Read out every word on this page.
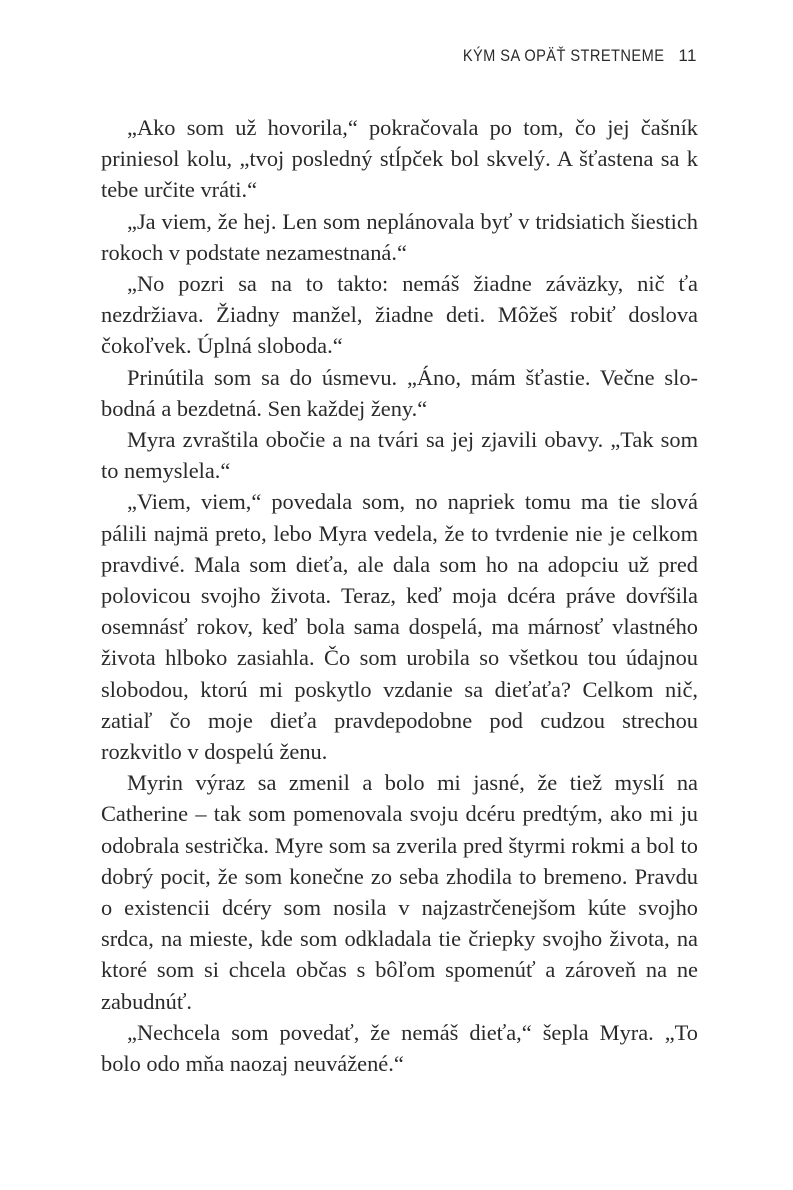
KÝM SA OPÄŤ STRETNEME 11

„Ako som už hovorila,“ pokračovala po tom, čo jej čašník priniesol kolu, „tvoj posledný stĺpček bol skvelý. A šťastena sa k tebe určite vráti.“

„Ja viem, že hej. Len som neplánovala byť v tridsiatich šiestich rokoch v podstate nezamestnaná.“

„No pozri sa na to takto: nemáš žiadne záväzky, nič ťa nezdržiava. Žiadny manžel, žiadne deti. Môžeš robiť doslova čokoľvek. Úplná sloboda.“

Prinútila som sa do úsmevu. „Áno, mám šťastie. Večne slobodná a bezdetná. Sen každej ženy.“

Myra zvraštila obočie a na tvári sa jej zjavili obavy. „Tak som to nemyslela.“

„Viem, viem,“ povedala som, no napriek tomu ma tie slová pálili najmä preto, lebo Myra vedela, že to tvrdenie nie je celkom pravdivé. Mala som dieťa, ale dala som ho na adopciu už pred polovicou svojho života. Teraz, keď moja dcéra práve dovŕšila osemnásť rokov, keď bola sama dospelá, ma márnosť vlastného života hlboko zasiahla. Čo som urobila so všetkou tou údajnou slobodou, ktorú mi poskytlo vzdanie sa dieťaťa? Celkom nič, zatiaľ čo moje dieťa pravdepodobne pod cudzou strechou rozkvitlo v dospelú ženu.

Myrin výraz sa zmenil a bolo mi jasné, že tiež myslí na Catherine – tak som pomenovala svoju dcéru predtým, ako mi ju odobrala sestrička. Myre som sa zverila pred štyrmi rokmi a bol to dobrý pocit, že som konečne zo seba zhodila to bremeno. Pravdu o existencii dcéry som nosila v najzastrčenejšom kúte svojho srdca, na mieste, kde som odkladala tie čriepky svojho života, na ktoré som si chcela občas s bôľom spomenúť a zároveň na ne zabudnúť.

„Nechcela som povedať, že nemáš dieťa,“ šepla Myra. „To bolo odo mňa naozaj neuvážené.“
